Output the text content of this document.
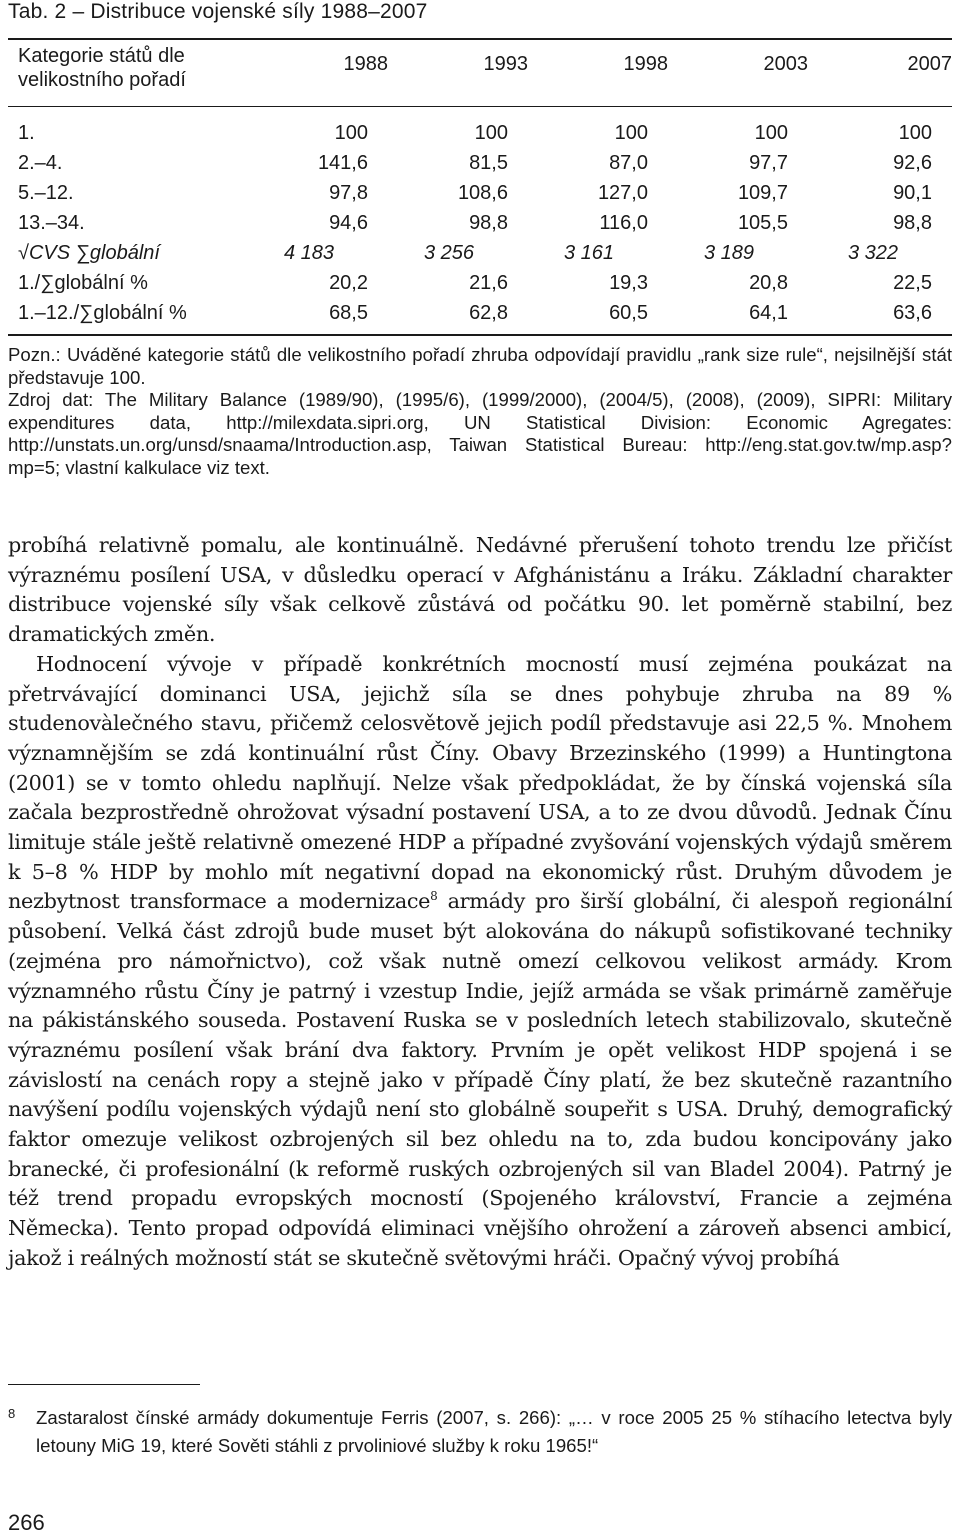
Tab. 2 – Distribuce vojenské síly 1988–2007
Kategorie států dle velikostního pořadí	1988	1993	1998	2003	2007
1.	100	100	100	100	100
2.–4.	141,6	81,5	87,0	97,7	92,6
5.–12.	97,8	108,6	127,0	109,7	90,1
13.–34.	94,6	98,8	116,0	105,5	98,8
√CVS ∑globální	4 183	3 256	3 161	3 189	3 322
1./∑globální %	20,2	21,6	19,3	20,8	22,5
1.–12./∑globální %	68,5	62,8	60,5	64,1	63,6

Pozn.: Uváděné kategorie států dle velikostního pořadí zhruba odpovídají pravidlu „rank size rule“, nejsilnější stát představuje 100.

Zdroj dat: The Military Balance (1989/90), (1995/6), (1999/2000), (2004/5), (2008), (2009), SIPRI: Military expenditures data, http://milexdata.sipri.org, UN Statistical Division: Economic Agregates: http://unstats.un.org/unsd/snaama/Introduction.asp, Taiwan Statistical Bureau: http://eng.stat.gov.tw/mp.asp?mp=5; vlastní kalkulace viz text.

probíhá relativně pomalu, ale kontinuálně. Nedávné přerušení tohoto trendu lze přičíst výraznému posílení USA, v důsledku operací v Afghánistánu a Iráku. Základní charakter distribuce vojenské síly však celkově zůstává od počátku 90. let poměrně stabilní, bez dramatických změn.

Hodnocení vývoje v případě konkrétních mocností musí zejména poukázat na přetrvávající dominanci USA, jejichž síla se dnes pohybuje zhruba na 89 % studenovàlečného stavu, přičemž celosvětově jejich podíl představuje asi 22,5 %. Mnohem významnějším se zdá kontinuální růst Číny. Obavy Brzezinského (1999) a Huntingtona (2001) se v tomto ohledu naplňují. Nelze však předpokládat, že by čínská vojenská síla začala bezprostředně ohrožovat výsadní postavení USA, a to ze dvou důvodů. Jednak Čínu limituje stále ještě relativně omezené HDP a případné zvyšování vojenských výdajů směrem k 5–8 % HDP by mohlo mít negativní dopad na ekonomický růst. Druhým důvodem je nezbytnost transformace a modernizace$^8$ armády pro širší globální, či alespoň regionální působení. Velká část zdrojů bude muset být alokována do nákupů sofistikované techniky (zejména pro námořnictvo), což však nutně omezí celkovou velikost armády. Krom významného růstu Číny je patrný i vzestup Indie, jejíž armáda se však primárně zaměřuje na pákistánského souseda. Postavení Ruska se v posledních letech stabilizovalo, skutečně výraznému posílení však brání dva faktory. Prvním je opět velikost HDP spojená i se závislostí na cenách ropy a stejně jako v případě Číny platí, že bez skutečně razantního navýšení podílu vojenských výdajů není sto globálně soupeřit s USA. Druhý, demografický faktor omezuje velikost ozbrojených sil bez ohledu na to, zda budou koncipovány jako branecké, či profesionální (k reformě ruských ozbrojených sil van Bladel 2004). Patrný je též trend propadu evropských mocností (Spojeného království, Francie a zejména Německa). Tento propad odpovídá eliminaci vnějšího ohrožení a zároveň absenci ambicí, jakož i reálných možností stát se skutečně světovými hráči. Opačný vývoj probíhá

8 Zastaralost čínské armády dokumentuje Ferris (2007, s. 266): „… v roce 2005 25 % stíhacího letectva byly letouny MiG 19, které Sověti stáhli z prvoliniové služby k roku 1965!“
266
